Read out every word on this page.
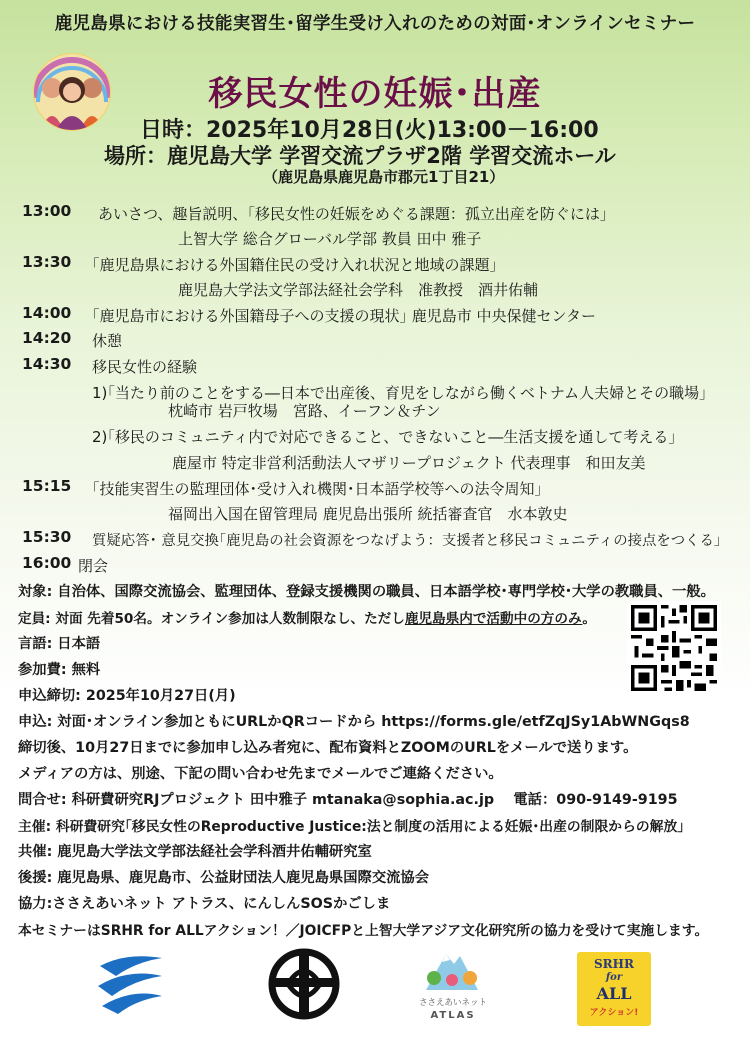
鹿児島県における技能実習生･留学生受け入れのための対面･オンラインセミナー
移民女性の妊娠･出産
日時：2025年10月28日(火)13:00－16:00
場所：鹿児島大学 学習交流プラザ2階 学習交流ホール
（鹿児島県鹿児島市郡元1丁目21）
13:00 あいさつ、趣旨説明、｢移民女性の妊娠をめぐる課題：孤立出産を防ぐには｣
上智大学 総合グローバル学部 教員 田中 雅子
13:30 ｢鹿児島県における外国籍住民の受け入れ状況と地域の課題｣
鹿児島大学法文学部法経社会学科　准教授　酒井佑輔
14:00 ｢鹿児島市における外国籍母子への支援の現状｣ 鹿児島市 中央保健センター
14:20 休憩
14:30 移民女性の経験
1)｢当たり前のことをする―日本で出産後、育児をしながら働くベトナム人夫婦とその職場｣
枕崎市 岩戸牧場　宮路、イーフン＆チン
2)｢移民のコミュニティ内で対応できること、できないこと―生活支援を通して考える｣
鹿屋市 特定非営利活動法人マザリープロジェクト 代表理事　和田友美
15:15 ｢技能実習生の監理団体･受け入れ機関･日本語学校等への法令周知｣
福岡出入国在留管理局 鹿児島出張所 統括審査官　水本敦史
15:30 質疑応答･ 意見交換｢鹿児島の社会資源をつなげよう：支援者と移民コミュニティの接点をつくる｣
16:00 閉会
対象: 自治体、国際交流協会、監理団体、登録支援機関の職員、日本語学校･専門学校･大学の教職員、一般。
定員: 対面 先着50名。オンライン参加は人数制限なし、ただし鹿児島県内で活動中の方のみ。
言語: 日本語
参加費: 無料
申込締切: 2025年10月27日(月)
申込: 対面･オンライン参加ともにURLかQRコードから https://forms.gle/etfZqJSy1AbWNGqs8
締切後、10月27日までに参加申し込み者宛に、配布資料とZOOMのURLをメールで送ります。
メディアの方は、別途、下記の問い合わせ先までメールでご連絡ください。
問合せ: 科研費研究RJプロジェクト 田中雅子 mtanaka@sophia.ac.jp　 電話：090-9149-9195
主催: 科研費研究｢移民女性のReproductive Justice:法と制度の活用による妊娠･出産の制限からの解放｣
共催: 鹿児島大学法文学部法経社会学科酒井佑輔研究室
後援: 鹿児島県、鹿児島市、公益財団法人鹿児島県国際交流協会
協力:ささえあいネット アトラス、にんしんSOSかごしま
本セミナーはSRHR for ALLアクション！／JOICFPと上智大学アジア文化研究所の協力を受けて実施します。
ささえあいネット
ATLAS
SRHR
for
ALL
アクション!
